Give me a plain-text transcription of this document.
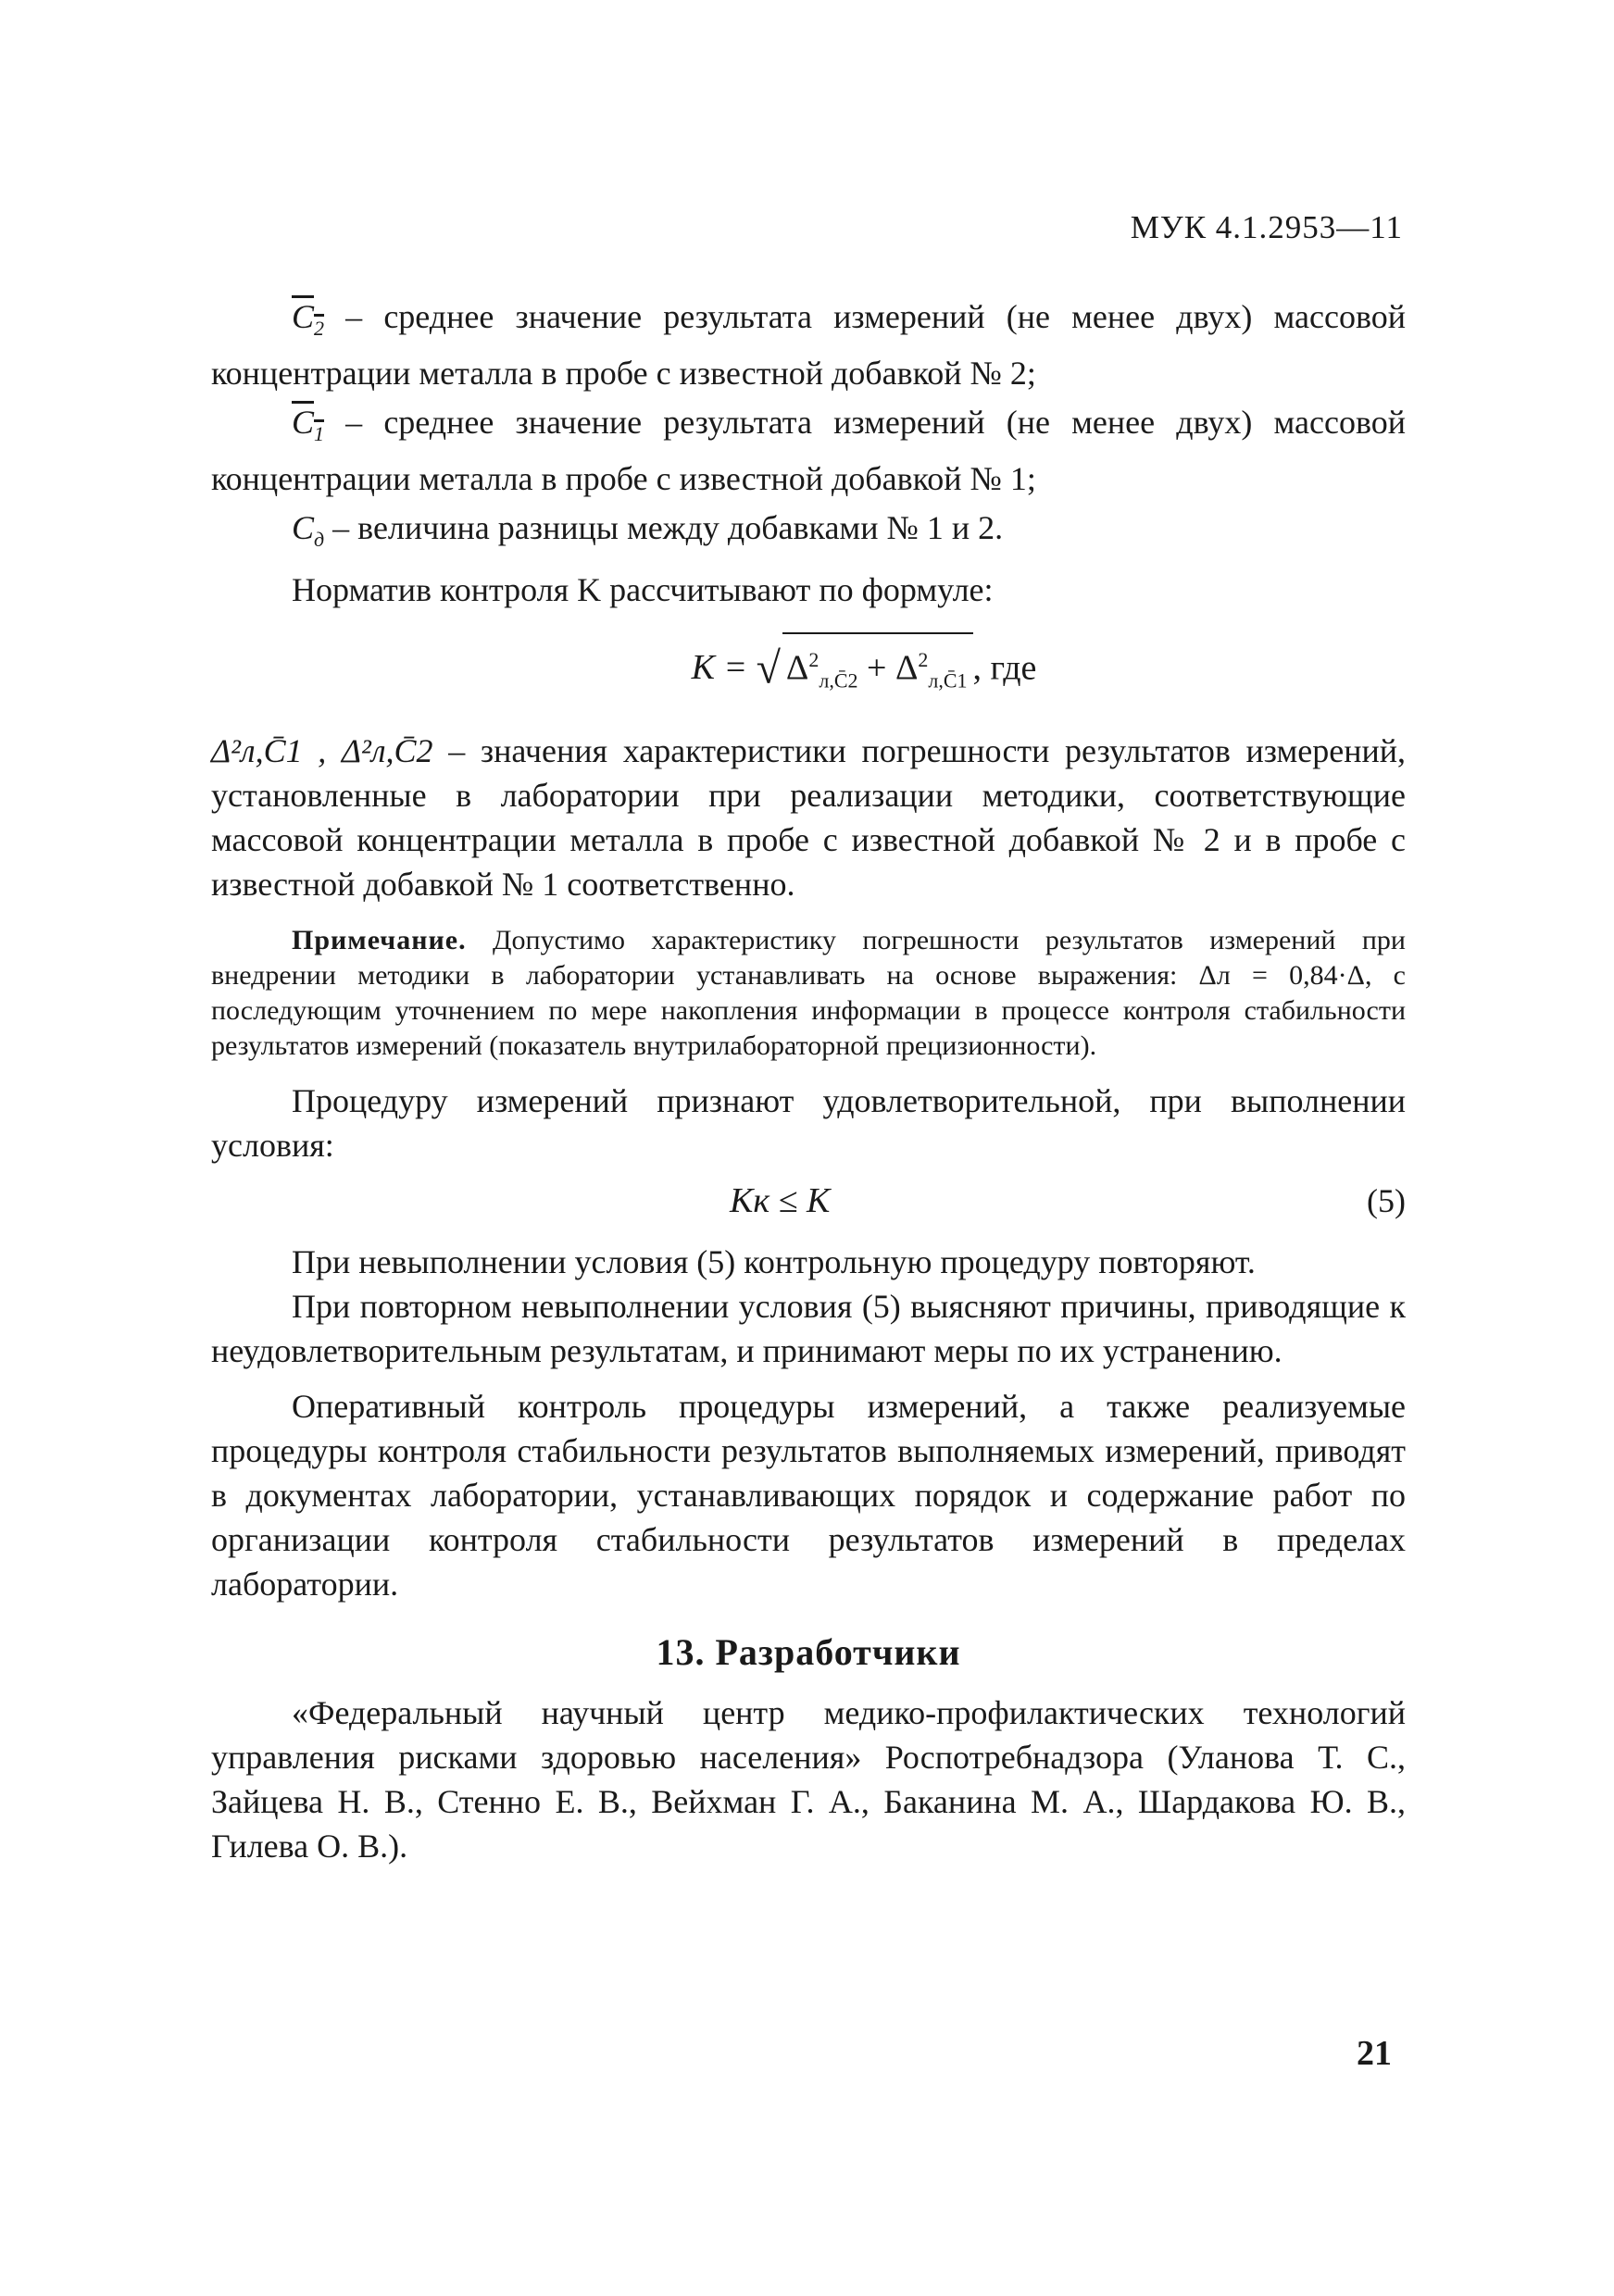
МУК 4.1.2953—11

$C_2$ – среднее значение результата измерений (не менее двух) массовой концентрации металла в пробе с известной добавкой № 2;

$C_1$ – среднее значение результата измерений (не менее двух) массовой концентрации металла в пробе с известной добавкой № 1;

$C_д$ – величина разницы между добавками № 1 и 2.

Норматив контроля K рассчитывают по формуле:

K = √ $\Delta^2_{л,C̄2} + \Delta^2_{л,C̄1}$ , где

Δ²л,C̄1 , Δ²л,C̄2 – значения характеристики погрешности результатов измерений, установленные в лаборатории при реализации методики, соответствующие массовой концентрации металла в пробе с известной добавкой № 2 и в пробе с известной добавкой № 1 соответственно.

Примечание. Допустимо характеристику погрешности результатов измерений при внедрении методики в лаборатории устанавливать на основе выражения: Δл = 0,84·Δ, с последующим уточнением по мере накопления информации в процессе контроля стабильности результатов измерений (показатель внутрилабораторной прецизионности).

Процедуру измерений признают удовлетворительной, при выполнении условия:

Kк ≤ K	(5)

При невыполнении условия (5) контрольную процедуру повторяют.

При повторном невыполнении условия (5) выясняют причины, приводящие к неудовлетворительным результатам, и принимают меры по их устранению.

Оперативный контроль процедуры измерений, а также реализуемые процедуры контроля стабильности результатов выполняемых измерений, приводят в документах лаборатории, устанавливающих порядок и содержание работ по организации контроля стабильности результатов измерений в пределах лаборатории.

13. Разработчики

«Федеральный научный центр медико-профилактических технологий управления рисками здоровью населения» Роспотребнадзора (Уланова Т. С., Зайцева Н. В., Стенно Е. В., Вейхман Г. А., Баканина М. А., Шардакова Ю. В., Гилева О. В.).

21
